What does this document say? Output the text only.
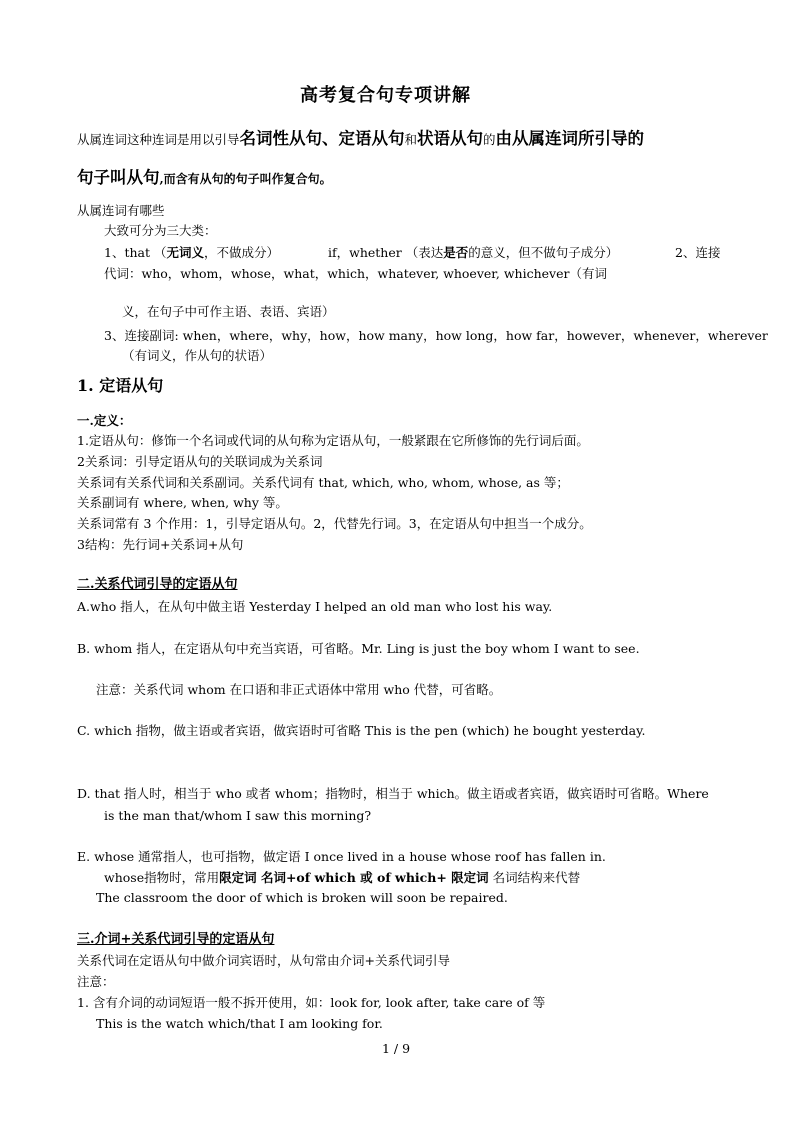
高考复合句专项讲解
从属连词这种连词是用以引导名词性从句、定语从句和状语从句的由从属连词所引导的
句子叫从句,而含有从句的句子叫作复合句。
从属连词有哪些
大致可分为三大类：
1、that （无词义，不做成分）	if，whether （表达是否的意义，但不做句子成分）	2、连接
代词：who，whom，whose，what，which，whatever, whoever, whichever（有词
义，在句子中可作主语、表语、宾语）
3、连接副词: when，where，why，how，how many，how long，how far，however，whenever，wherever
（有词义，作从句的状语）
1. 定语从句
一.定义：
1.定语从句：修饰一个名词或代词的从句称为定语从句，一般紧跟在它所修饰的先行词后面。
2关系词：引导定语从句的关联词成为关系词
关系词有关系代词和关系副词。关系代词有 that, which, who, whom, whose, as 等；
关系副词有 where, when, why 等。
关系词常有 3 个作用：1，引导定语从句。2，代替先行词。3，在定语从句中担当一个成分。
3结构：先行词+关系词+从句
二.关系代词引导的定语从句
A.who 指人，在从句中做主语 Yesterday I helped an old man who lost his way.
B. whom 指人，在定语从句中充当宾语，可省略。Mr. Ling is just the boy whom I want to see.
注意：关系代词 whom 在口语和非正式语体中常用 who 代替，可省略。
C. which 指物，做主语或者宾语，做宾语时可省略 This is the pen (which) he bought yesterday.
D. that 指人时，相当于 who 或者 whom；指物时，相当于 which。做主语或者宾语，做宾语时可省略。Where
is the man that/whom I saw this morning?
E. whose 通常指人，也可指物，做定语 I once lived in a house whose roof has fallen in.
whose指物时，常用限定词 名词+of which 或 of which+ 限定词 名词结构来代替
The classroom the door of which is broken will soon be repaired.
三.介词+关系代词引导的定语从句
关系代词在定语从句中做介词宾语时，从句常由介词+关系代词引导
注意：
1. 含有介词的动词短语一般不拆开使用，如：look for, look after, take care of 等
This is the watch which/that I am looking for.
1 / 9
